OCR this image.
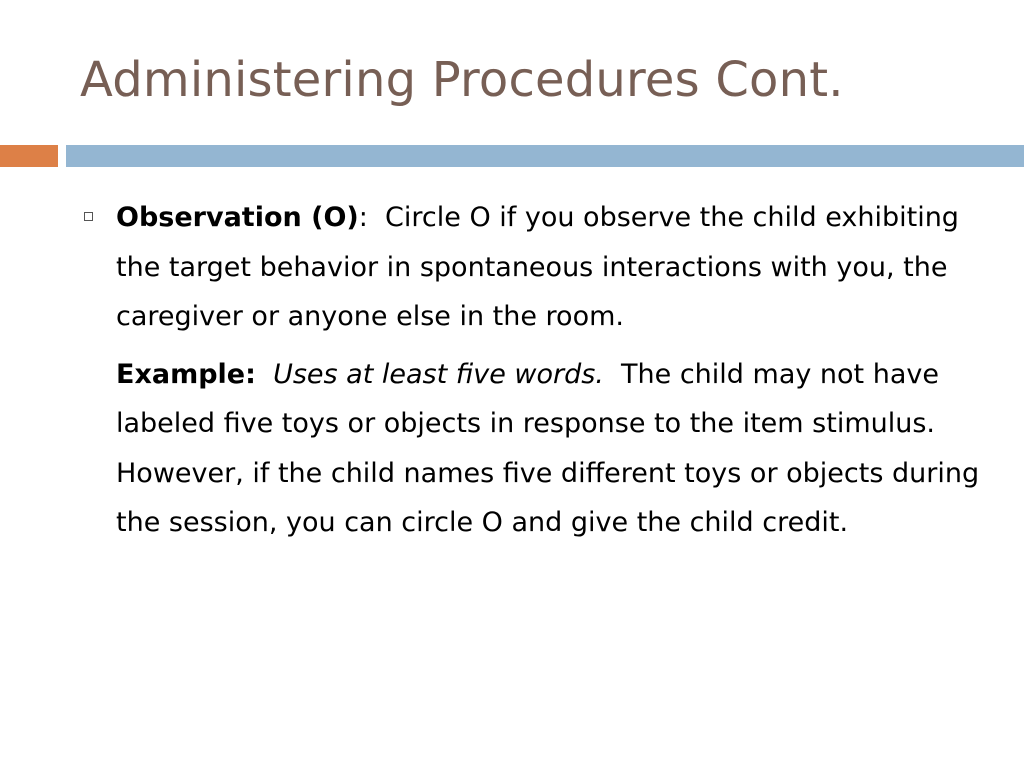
Administering Procedures Cont.

Observation (O):  Circle O if you observe the child exhibiting the target behavior in spontaneous interactions with you, the caregiver or anyone else in the room.

Example:  Uses at least five words.  The child may not have labeled five toys or objects in response to the item stimulus.  However, if the child names five different toys or objects during the session, you can circle O and give the child credit.
